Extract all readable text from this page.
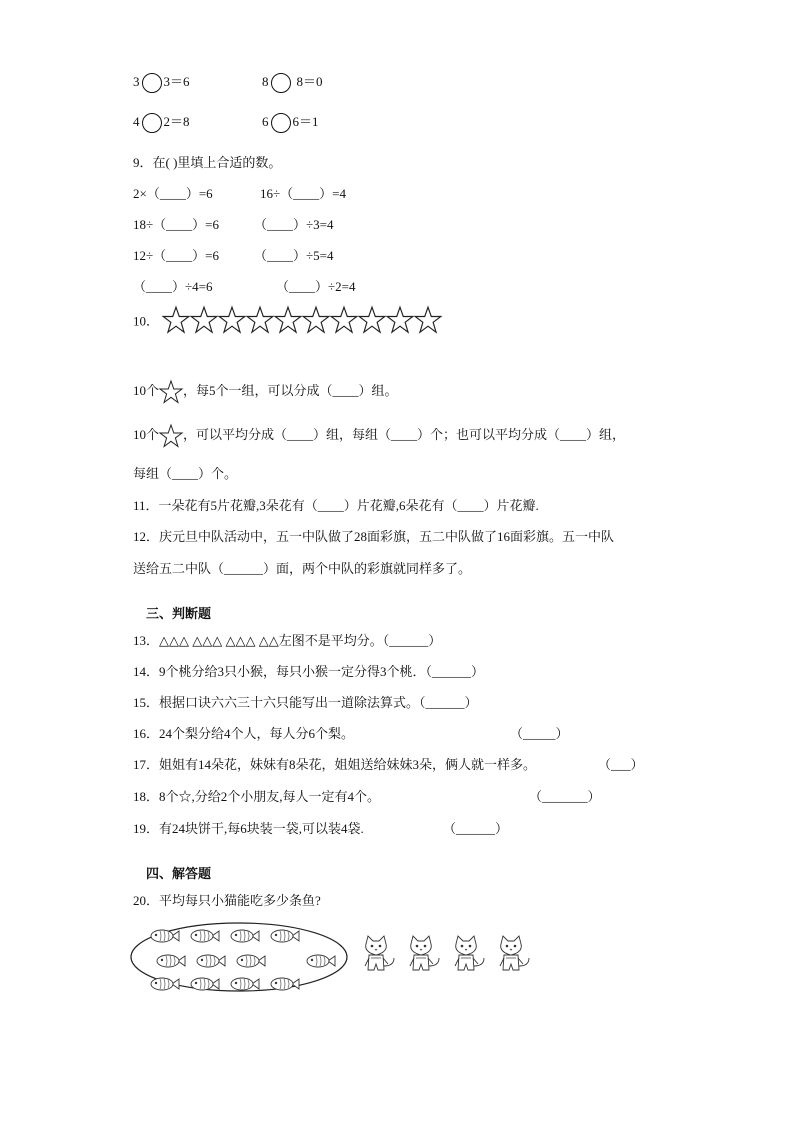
3 3＝6	8 8＝0
4 2＝8	6 6＝1
9．在( )里填上合适的数。
2×（____）=6	16÷（____）=4
18÷（____）=6	（____）÷3=4
12÷（____）=6	（____）÷5=4
（____）÷4=6	（____）÷2=4
10．
10个 ，每5个一组，可以分成（____）组。
10个 ，可以平均分成（____）组，每组（____）个；也可以平均分成（____）组，
每组（____）个。
11．一朵花有5片花瓣,3朵花有（____）片花瓣,6朵花有（____）片花瓣.
12．庆元旦中队活动中，五一中队做了28面彩旗，五二中队做了16面彩旗。五一中队
送给五二中队（______）面，两个中队的彩旗就同样多了。
三、判断题
13．△△△ △△△ △△△ △△左图不是平均分。（______）
14．9个桃分给3只小猴，每只小猴一定分得3个桃．（______）
15．根据口诀六六三十六只能写出一道除法算式。（______）
16．24个梨分给4个人，每人分6个梨。	（_____）
17．姐姐有14朵花，妹妹有8朵花，姐姐送给妹妹3朵，俩人就一样多。	（___）
18．8个☆,分给2个小朋友,每人一定有4个。	（_______）
19．有24块饼干,每6块装一袋,可以装4袋.	（______）
四、解答题
20．平均每只小猫能吃多少条鱼?
